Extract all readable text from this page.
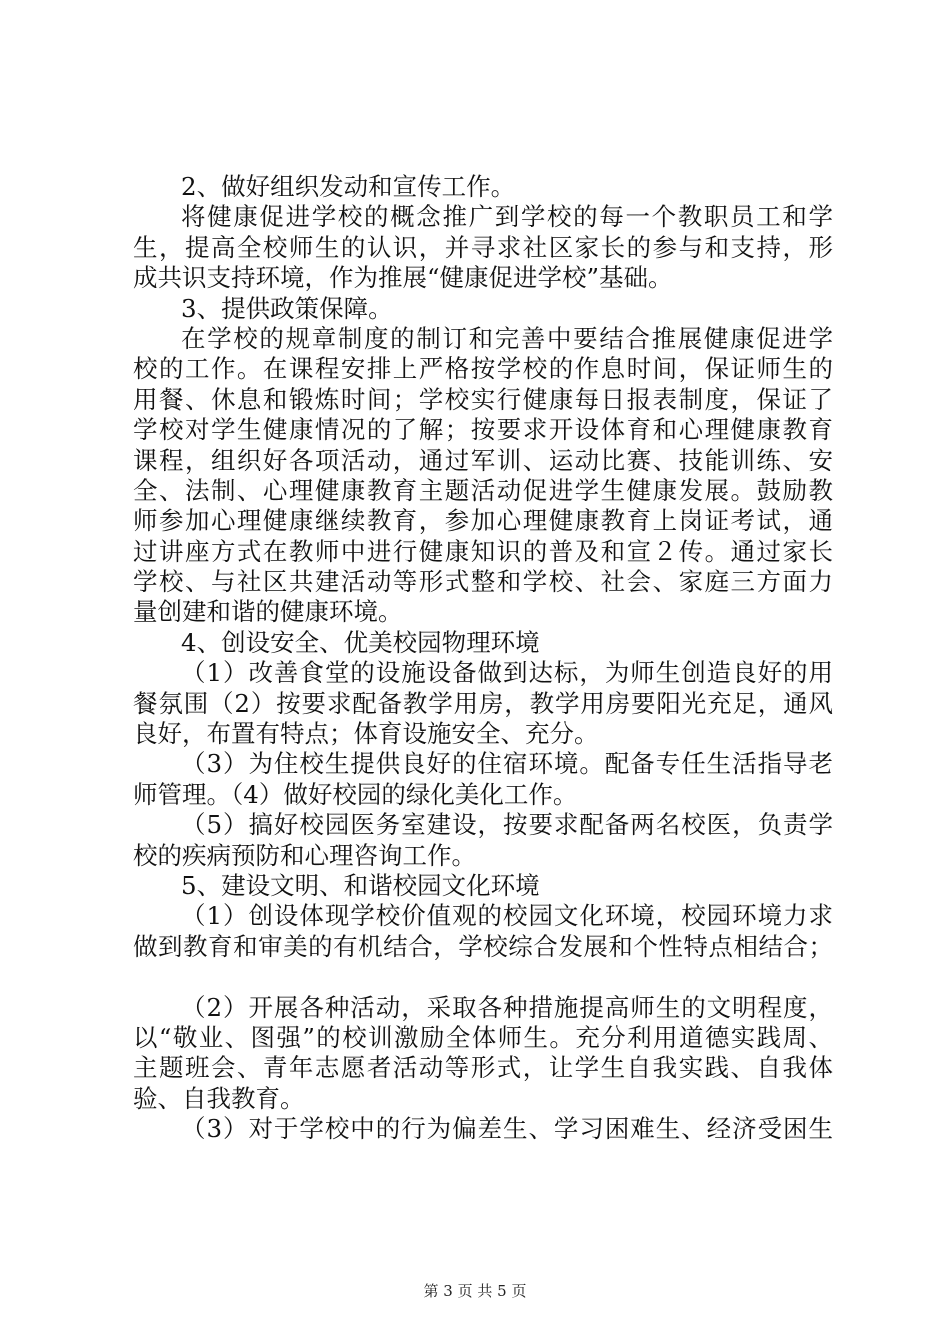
2、做好组织发动和宣传工作。
将健康促进学校的概念推广到学校的每一个教职员工和学
生，提高全校师生的认识，并寻求社区家长的参与和支持，形
成共识支持环境，作为推展“健康促进学校”基础。
3、提供政策保障。
在学校的规章制度的制订和完善中要结合推展健康促进学
校的工作。在课程安排上严格按学校的作息时间，保证师生的
用餐、休息和锻炼时间；学校实行健康每日报表制度，保证了
学校对学生健康情况的了解；按要求开设体育和心理健康教育
课程，组织好各项活动，通过军训、运动比赛、技能训练、安
全、法制、心理健康教育主题活动促进学生健康发展。鼓励教
师参加心理健康继续教育，参加心理健康教育上岗证考试，通
过讲座方式在教师中进行健康知识的普及和宣２传。通过家长
学校、与社区共建活动等形式整和学校、社会、家庭三方面力
量创建和谐的健康环境。
4、创设安全、优美校园物理环境
（1）改善食堂的设施设备做到达标，为师生创造良好的用
餐氛围（2）按要求配备教学用房，教学用房要阳光充足，通风
良好，布置有特点；体育设施安全、充分。
（3）为住校生提供良好的住宿环境。配备专任生活指导老
师管理。（4）做好校园的绿化美化工作。
（5）搞好校园医务室建设，按要求配备两名校医，负责学
校的疾病预防和心理咨询工作。
5、建设文明、和谐校园文化环境
（1）创设体现学校价值观的校园文化环境，校园环境力求
做到教育和审美的有机结合，学校综合发展和个性特点相结合；
（2）开展各种活动，采取各种措施提高师生的文明程度，
以“敬业、图强”的校训激励全体师生。充分利用道德实践周、
主题班会、青年志愿者活动等形式，让学生自我实践、自我体
验、自我教育。
（3）对于学校中的行为偏差生、学习困难生、经济受困生
第 3 页 共 5 页
